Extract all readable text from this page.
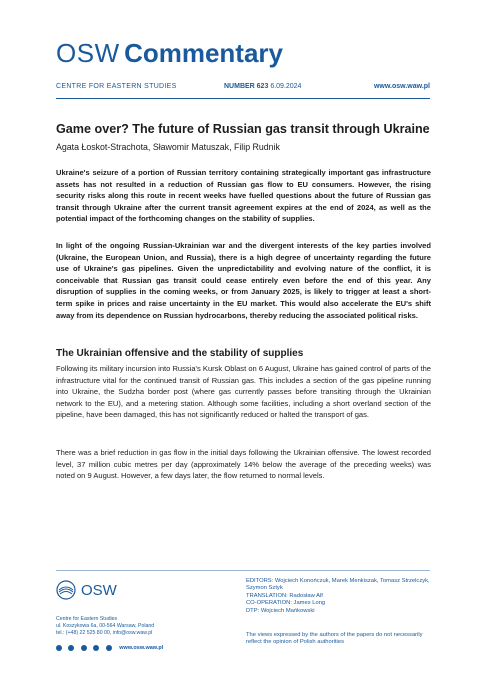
OSW Commentary
CENTRE FOR EASTERN STUDIES	NUMBER 623 6.09.2024	www.osw.waw.pl
Game over? The future of Russian gas transit through Ukraine
Agata Łoskot-Strachota, Sławomir Matuszak, Filip Rudnik

Ukraine's seizure of a portion of Russian territory containing strategically important gas infrastructure assets has not resulted in a reduction of Russian gas flow to EU consumers. However, the rising security risks along this route in recent weeks have fuelled questions about the future of Russian gas transit through Ukraine after the current transit agreement expires at the end of 2024, as well as the potential impact of the forthcoming changes on the stability of supplies.

In light of the ongoing Russian-Ukrainian war and the divergent interests of the key parties involved (Ukraine, the European Union, and Russia), there is a high degree of uncertainty regarding the future use of Ukraine's gas pipelines. Given the unpredictability and evolving nature of the conflict, it is conceivable that Russian gas transit could cease entirely even before the end of this year. Any disruption of supplies in the coming weeks, or from January 2025, is likely to trigger at least a short-term spike in prices and raise uncertainty in the EU market. This would also accelerate the EU's shift away from its dependence on Russian hydrocarbons, thereby reducing the associated political risks.

The Ukrainian offensive and the stability of supplies

Following its military incursion into Russia's Kursk Oblast on 6 August, Ukraine has gained control of parts of the infrastructure vital for the continued transit of Russian gas. This includes a section of the gas pipeline running into Ukraine, the Sudzha border post (where gas currently passes before transiting through the Ukrainian network to the EU), and a metering station. Although some facilities, including a short overland section of the pipeline, have been damaged, this has not significantly reduced or halted the transport of gas.

There was a brief reduction in gas flow in the initial days following the Ukrainian offensive. The lowest recorded level, 37 million cubic metres per day (approximately 14% below the average of the preceding weeks) was noted on 9 August. However, a few days later, the flow returned to normal levels.

OSW
Centre for Eastern Studies
ul. Koszykowa 6a, 00-564 Warsaw, Poland
tel.: (+48) 22 525 80 00, info@osw.waw.pl
www.osw.waw.pl
EDITORS: Wojciech Konończuk, Marek Menkiszak, Tomasz Strzelczyk, Szymon Sztyk
TRANSLATION: Radosław Alf
CO-OPERATION: James Long
DTP: Wojciech Mańkowski
The views expressed by the authors of the papers do not necessarily reflect the opinion of Polish authorities
